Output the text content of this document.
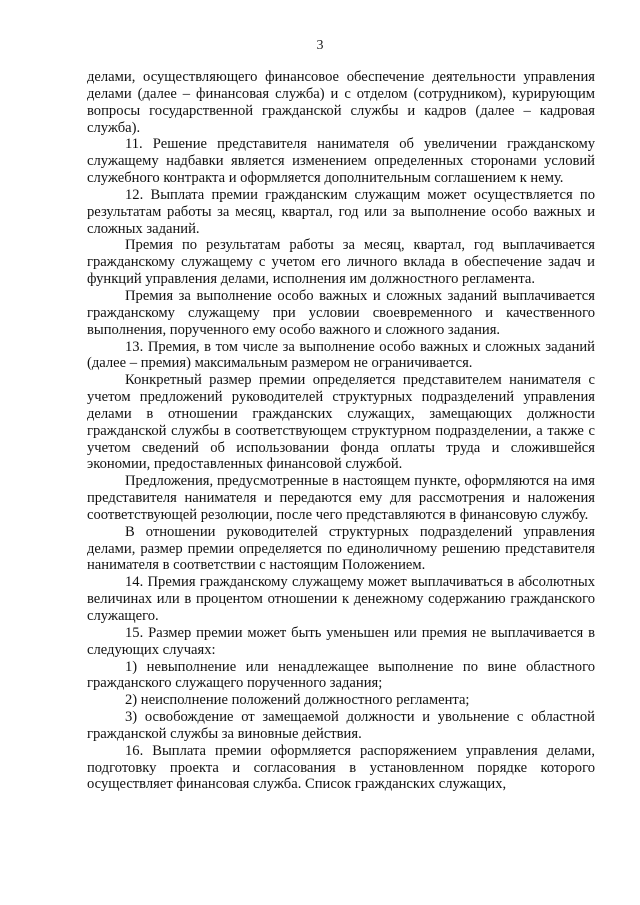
3

делами, осуществляющего финансовое обеспечение деятельности управления делами (далее – финансовая служба) и с отделом (сотрудником), курирующим вопросы государственной гражданской службы и кадров (далее – кадровая служба).

11. Решение представителя нанимателя об увеличении гражданскому служащему надбавки является изменением определенных сторонами условий служебного контракта и оформляется дополнительным соглашением к нему.

12. Выплата премии гражданским служащим может осуществляется по результатам работы за месяц, квартал, год или за выполнение особо важных и сложных заданий.

Премия по результатам работы за месяц, квартал, год выплачивается гражданскому служащему с учетом его личного вклада в обеспечение задач и функций управления делами, исполнения им должностного регламента.

Премия за выполнение особо важных и сложных заданий выплачивается гражданскому служащему при условии своевременного и качественного выполнения, порученного ему особо важного и сложного задания.

13. Премия, в том числе за выполнение особо важных и сложных заданий (далее – премия) максимальным размером не ограничивается.

Конкретный размер премии определяется представителем нанимателя с учетом предложений руководителей структурных подразделений управления делами в отношении гражданских служащих, замещающих должности гражданской службы в соответствующем структурном подразделении, а также с учетом сведений об использовании фонда оплаты труда и сложившейся экономии, предоставленных финансовой службой.

Предложения, предусмотренные в настоящем пункте, оформляются на имя представителя нанимателя и передаются ему для рассмотрения и наложения соответствующей резолюции, после чего представляются в финансовую службу.

В отношении руководителей структурных подразделений управления делами, размер премии определяется по единоличному решению представителя нанимателя в соответствии с настоящим Положением.

14. Премия гражданскому служащему может выплачиваться в абсолютных величинах или в процентом отношении к денежному содержанию гражданского служащего.

15. Размер премии может быть уменьшен или премия не выплачивается в следующих случаях:

1) невыполнение или ненадлежащее выполнение по вине областного гражданского служащего порученного задания;

2) неисполнение положений должностного регламента;

3) освобождение от замещаемой должности и увольнение с областной гражданской службы за виновные действия.

16. Выплата премии оформляется распоряжением управления делами, подготовку проекта и согласования в установленном порядке которого осуществляет финансовая служба. Список гражданских служащих,
